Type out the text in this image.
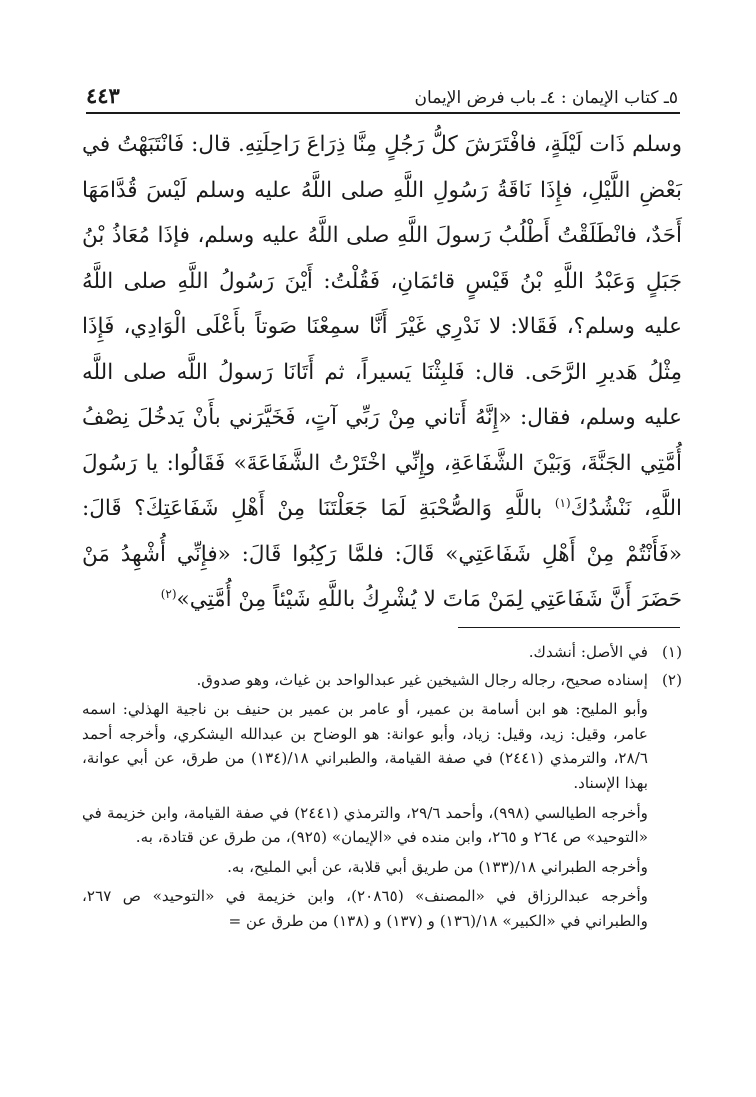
٥ـ كتاب الإيمان : ٤ـ باب فرض الإيمان
٤٤٣

وسلم ذَات لَيْلَةٍ، فافْتَرَشَ كلُّ رَجُلٍ مِنَّا ذِرَاعَ رَاحِلَتِهِ. قال: فَانْتَبَهْتُ في بَعْضِ اللَّيْلِ، فإِذَا نَاقَةُ رَسُولِ اللَّهِ صلى اللَّهُ عليه وسلم لَيْسَ قُدَّامَهَا أَحَدٌ، فانْطَلَقْتُ أَطْلُبُ رَسولَ اللَّهِ صلى اللَّهُ عليه وسلم، فإذَا مُعَاذُ بْنُ جَبَلٍ وَعَبْدُ اللَّهِ بْنُ قَيْسٍ قائمَانِ، فَقُلْتُ: أَيْنَ رَسُولُ اللَّهِ صلى اللَّهُ عليه وسلم؟، فَقَالا: لا نَدْرِي غَيْرَ أَنَّا سمِعْنَا صَوتاً بأَعْلَى الْوَادِي، فَإِذَا مِثْلُ هَديرِ الرَّحَى. قال: فَلبِثْنَا يَسيراً، ثم أَتَانَا رَسولُ اللَّه صلى اللَّه عليه وسلم، فقال: «إِنَّهُ أَتاني مِنْ رَبِّي آتٍ، فَخَيَّرَني بأَنْ يَدخُلَ نِصْفُ أُمَّتِي الجَنَّةَ، وَبَيْنَ الشَّفَاعَةِ، وإِنِّي اخْتَرْتُ الشَّفَاعَةَ» فَقَالُوا: يا رَسُولَ اللَّهِ، نَنْشُدُكَ$^{(١)}$ باللَّهِ وَالصُّحْبَةِ لَمَا جَعَلْتَنَا مِنْ أَهْلِ شَفَاعَتِكَ؟ قَالَ: «فَأَنْتُمْ مِنْ أَهْلِ شَفَاعَتِي» قَالَ: فلمَّا رَكِبُوا قَالَ: «فإِنِّي أُشْهِدُ مَنْ حَضَرَ أَنَّ شَفَاعَتِي لِمَنْ مَاتَ لا يُشْرِكُ باللَّهِ شَيْئاً مِنْ أُمَّتِي»$^{(٢)}$

(١)

في الأصل: أنشدك.

(٢)

إسناده صحيح، رجاله رجال الشيخين غير عبدالواحد بن غياث، وهو صدوق.

وأبو المليح: هو ابن أسامة بن عمير، أو عامر بن عمير بن حنيف بن ناجية الهذلي: اسمه عامر، وقيل: زيد، وقيل: زياد، وأبو عوانة: هو الوضاح بن عبدالله اليشكري، وأخرجه أحمد ٢٨/٦، والترمذي (٢٤٤١) في صفة القيامة، والطبراني ١٨/(١٣٤) من طرق، عن أبي عوانة، بهذا الإسناد.

وأخرجه الطيالسي (٩٩٨)، وأحمد ٢٩/٦، والترمذي (٢٤٤١) في صفة القيامة، وابن خزيمة في «التوحيد» ص ٢٦٤ و ٢٦٥، وابن منده في «الإيمان» (٩٢٥)، من طرق عن قتادة، به.

وأخرجه الطبراني ١٨/(١٣٣) من طريق أبي قلابة، عن أبي المليح، به.

وأخرجه عبدالرزاق في «المصنف» (٢٠٨٦٥)، وابن خزيمة في «التوحيد» ص ٢٦٧، والطبراني في «الكبير» ١٨/(١٣٦) و (١٣٧) و (١٣٨) من طرق عن =
